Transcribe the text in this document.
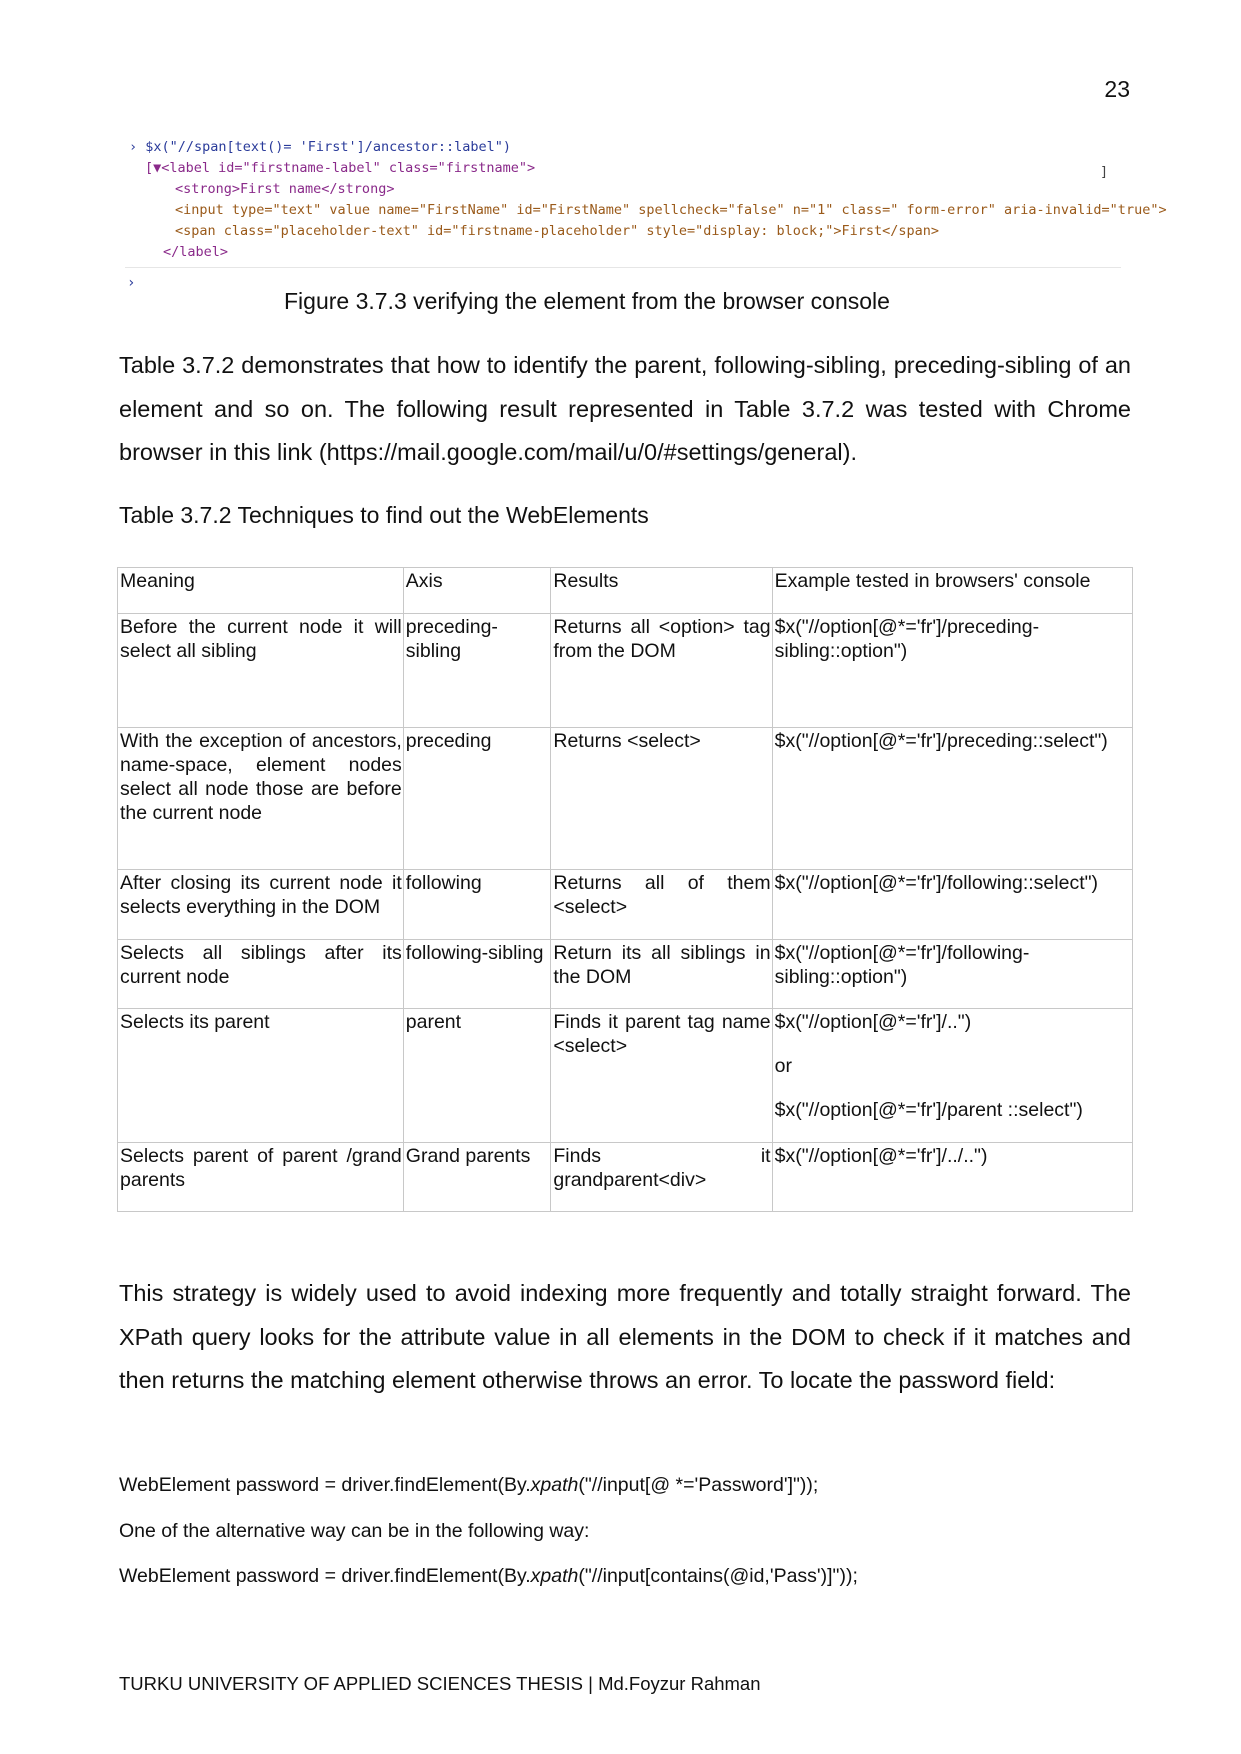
23
› $x("//span[text()= 'First']/ancestor::label")
[▼<label id="firstname-label" class="firstname">	]
<strong>First name</strong>
<input type="text" value name="FirstName" id="FirstName" spellcheck="false" n="1" class=" form-error" aria-invalid="true">
<span class="placeholder-text" id="firstname-placeholder" style="display: block;">First</span>
</label>
›
Figure 3.7.3 verifying the element from the browser console
Table 3.7.2 demonstrates that how to identify the parent, following-sibling, preceding-sibling of an element and so on. The following result represented in Table 3.7.2 was tested with Chrome browser in this link (https://mail.google.com/mail/u/0/#settings/general).
Table 3.7.2 Techniques to find out the WebElements
Meaning	Axis	Results	Example tested in browsers' console
Before the current node it will select all sibling	preceding-sibling	Returns all <option> tag from the DOM	$x("//option[@*='fr']/preceding-sibling::option")
With the exception of ancestors, name-space, element nodes select all node those are before the current node	preceding	Returns <select>	$x("//option[@*='fr']/preceding::select")
After closing its current node it selects everything in the DOM	following	Returns all of them <select>	$x("//option[@*='fr']/following::select")
Selects all siblings after its current node	following-sibling	Return its all siblings in the DOM	$x("//option[@*='fr']/following-sibling::option")
Selects its parent	parent	Finds it parent tag name <select>	$x("//option[@*='fr']/..")
or
$x("//option[@*='fr']/parent ::select")

Selects parent of parent /grand parents	Grand parents	Finds it grandparent<div>	$x("//option[@*='fr']/../..")
This strategy is widely used to avoid indexing more frequently and totally straight forward. The XPath query looks for the attribute value in all elements in the DOM to check if it matches and then returns the matching element otherwise throws an error. To locate the password field:
WebElement password = driver.findElement(By.xpath("//input[@ *='Password']"));
One of the alternative way can be in the following way:
WebElement password = driver.findElement(By.xpath("//input[contains(@id,'Pass')]"));
TURKU UNIVERSITY OF APPLIED SCIENCES THESIS | Md.Foyzur Rahman
